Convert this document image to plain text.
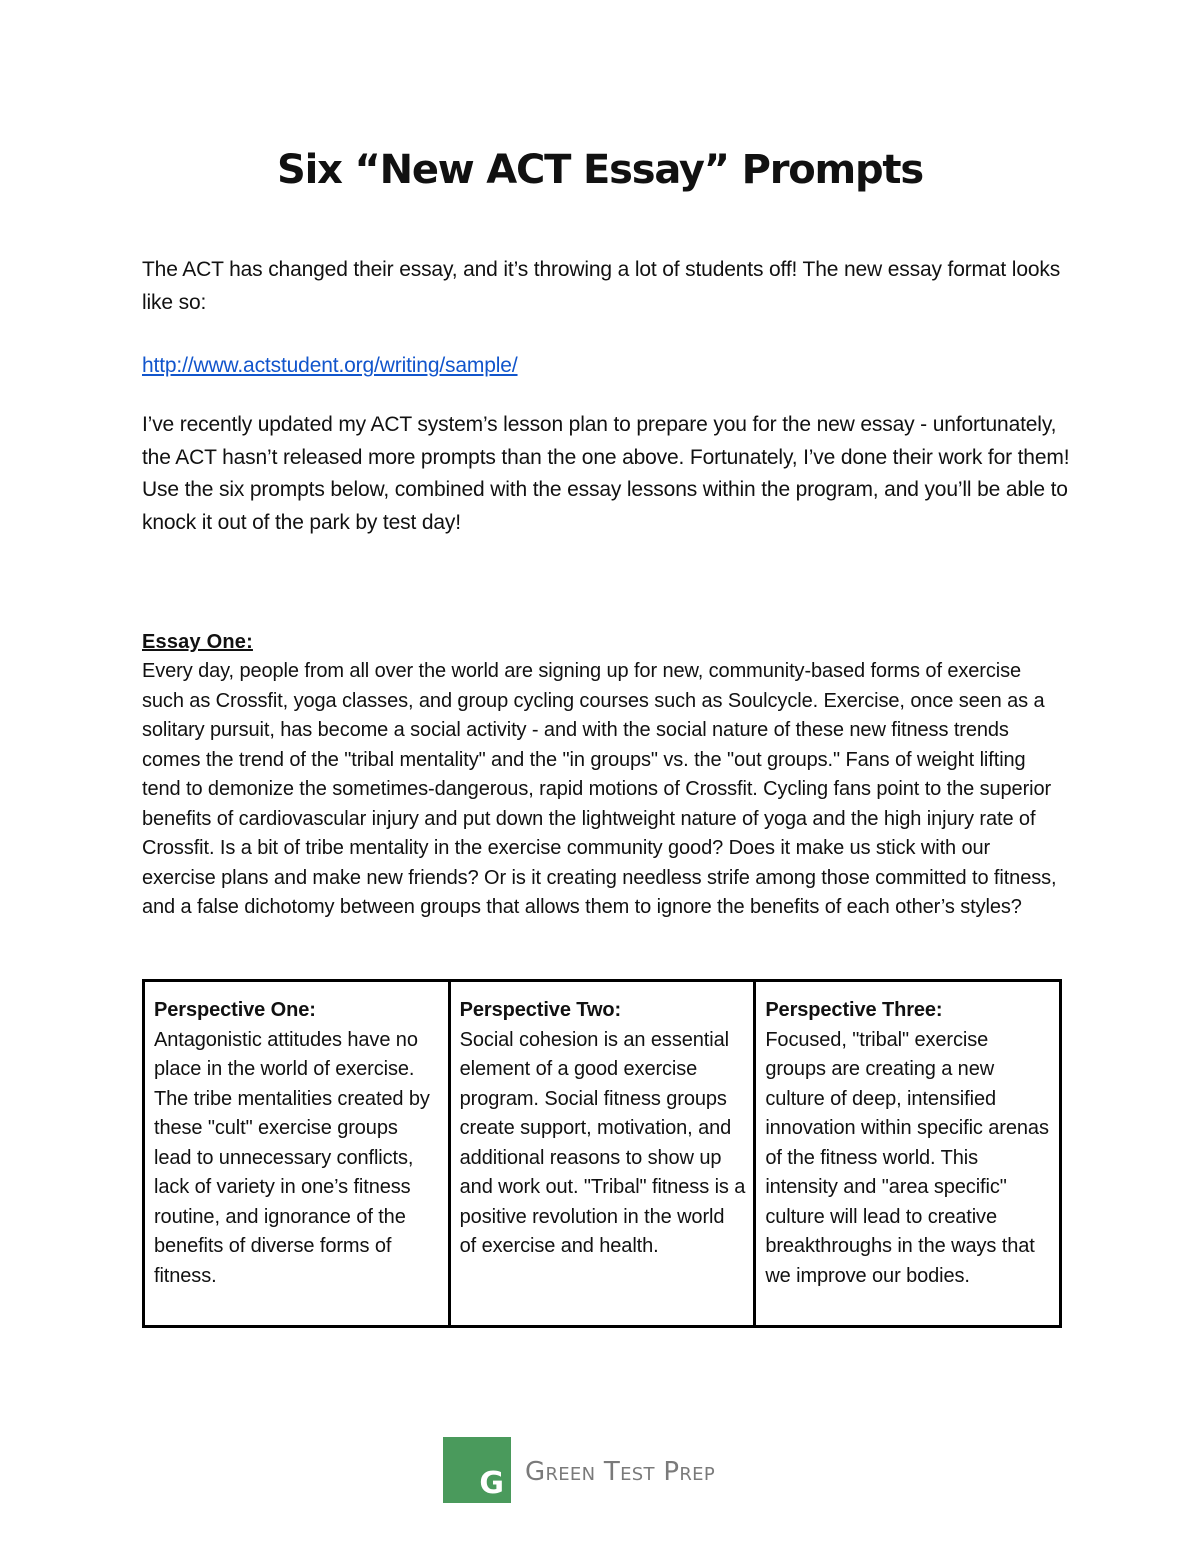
Six “New ACT Essay” Prompts

The ACT has changed their essay, and it’s throwing a lot of students off! The new essay format looks like so:

http://www.actstudent.org/writing/sample/

I’ve recently updated my ACT system’s lesson plan to prepare you for the new essay - unfortunately, the ACT hasn’t released more prompts than the one above. Fortunately, I’ve done their work for them! Use the six prompts below, combined with the essay lessons within the program, and you’ll be able to knock it out of the park by test day!

Essay One:

Every day, people from all over the world are signing up for new, community-based forms of exercise such as Crossfit, yoga classes, and group cycling courses such as Soulcycle. Exercise, once seen as a solitary pursuit, has become a social activity - and with the social nature of these new fitness trends comes the trend of the "tribal mentality" and the "in groups" vs. the "out groups." Fans of weight lifting tend to demonize the sometimes-dangerous, rapid motions of Crossfit. Cycling fans point to the superior benefits of cardiovascular injury and put down the lightweight nature of yoga and the high injury rate of Crossfit. Is a bit of tribe mentality in the exercise community good? Does it make us stick with our exercise plans and make new friends? Or is it creating needless strife among those committed to fitness, and a false dichotomy between groups that allows them to ignore the benefits of each other’s styles?

Perspective One:
Antagonistic attitudes have no place in the world of exercise. The tribe mentalities created by these "cult" exercise groups lead to unnecessary conflicts, lack of variety in one’s fitness routine, and ignorance of the benefits of diverse forms of fitness.	
Perspective Two:
Social cohesion is an essential element of a good exercise program. Social fitness groups create support, motivation, and additional reasons to show up and work out. "Tribal" fitness is a positive revolution in the world of exercise and health.	
Perspective Three:
Focused, "tribal" exercise groups are creating a new culture of deep, intensified innovation within specific arenas of the fitness world. This intensity and "area specific" culture will lead to creative breakthroughs in the ways that we improve our bodies.
G Green Test Prep
